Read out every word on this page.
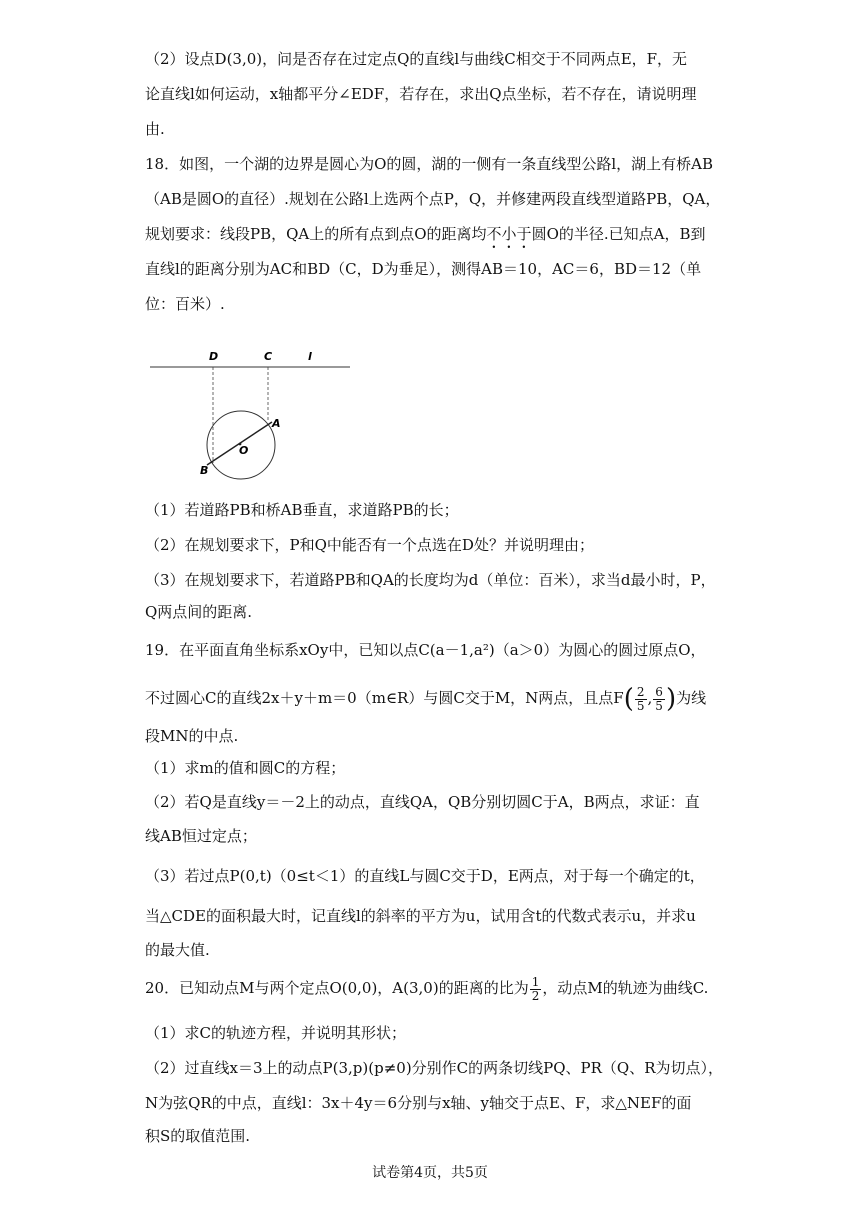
（2）设点D(3,0)，问是否存在过定点Q的直线l与曲线C相交于不同两点E，F，无
论直线l如何运动，x轴都平分∠EDF，若存在，求出Q点坐标，若不存在，请说明理
由.
18．如图，一个湖的边界是圆心为O的圆，湖的一侧有一条直线型公路l，湖上有桥AB
（AB是圆O的直径）.规划在公路l上选两个点P，Q，并修建两段直线型道路PB，QA，
规划要求：线段PB，QA上的所有点到点O的距离均不小于圆O的半径.已知点A，B到
直线l的距离分别为AC和BD（C，D为垂足），测得AB＝10，AC＝6，BD＝12（单
位：百米）.
D	C	l
A
O
B
（1）若道路PB和桥AB垂直，求道路PB的长；
（2）在规划要求下，P和Q中能否有一个点选在D处？并说明理由；
（3）在规划要求下，若道路PB和QA的长度均为d（单位：百米），求当d最小时，P，
Q两点间的距离.
19．在平面直角坐标系xOy中，已知以点C(a－1,a²)（a＞0）为圆心的圆过原点O，
不过圆心C的直线2x＋y＋m＝0（m∈R）与圆C交于M，N两点，且点$F( \frac{2}{5}$ , $\frac{6}{5}$ )为线
段MN的中点.
（1）求m的值和圆C的方程；
（2）若Q是直线y＝－2上的动点，直线QA，QB分别切圆C于A，B两点，求证：直
线AB恒过定点；
（3）若过点P(0,t)（0≤t＜1）的直线L与圆C交于D，E两点，对于每一个确定的t，
当△CDE的面积最大时，记直线l的斜率的平方为u，试用含t的代数式表示u，并求u
的最大值.
20．已知动点M与两个定点O(0,0)，A(3,0)的距离的比为 $\frac{1}{2}$ ，动点M的轨迹为曲线C.
（1）求C的轨迹方程，并说明其形状；
（2）过直线x＝3上的动点P(3,p)(p≠0)分别作C的两条切线PQ、PR（Q、R为切点），
N为弦QR的中点，直线l：3x＋4y＝6分别与x轴、y轴交于点E、F，求△NEF的面
积S的取值范围.
试卷第4页，共5页
